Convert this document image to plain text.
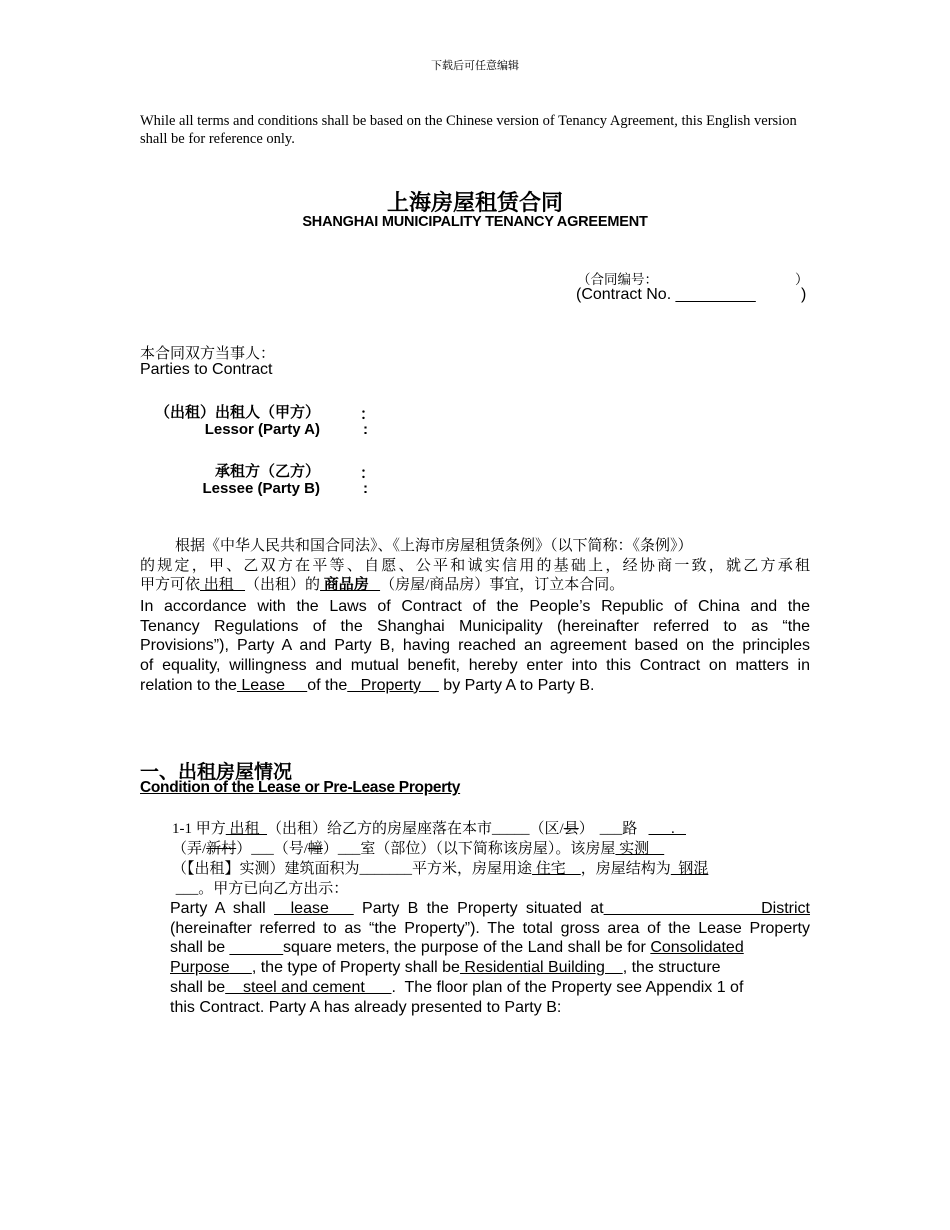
下载后可任意编辑
While all terms and conditions shall be based on the Chinese version of Tenancy Agreement, this English version shall be for reference only.
上海房屋租赁合同
SHANGHAI MUNICIPALITY TENANCY AGREEMENT
（合同编号：	）
(Contract No. _________	)
本合同双方当事人：
Parties to Contract
（出租）出租人（甲方）	：
Lessor (Party A)	:
承租方（乙方）	：
Lessee (Party B)	:
根据《中华人民共和国合同法》、《上海市房屋租赁条例》（以下简称：《条例》）
的规定，甲、乙双方在平等、自愿、公平和诚实信用的基础上，经协商一致，就乙方承租
甲方可依 出租   （出租）的 商品房   （房屋/商品房）事宜，订立本合同。
In accordance with the Laws of Contract of the People’s Republic of China and the
Tenancy Regulations of the Shanghai Municipality (hereinafter referred to as “the
Provisions”), Party A and Party B, having reached an agreement based on the principles
of equality, willingness and mutual benefit, hereby enter into this Contract on matters in
relation to the Lease     of the   Property     by Party A to Party B.
一、出租房屋情况
Condition of the Lease or Pre-Lease Property
1-1 甲方 出租  （出租）给乙方的房屋座落在本市_____（区/县） ___路         .
（弄/新村）___（号/幢）___室（部位）（以下简称该房屋）。该房屋 实测
（【出租】实测）建筑面积为_______平方米，房屋用途 住宅    ，房屋结构为  钢混
___。甲方已向乙方出示：
Party A shall   lease    Party B the Property situated at                   District
(hereinafter referred to as “the Property”). The total gross area of the Lease Property
shall be ______square meters, the purpose of the Land shall be for Consolidated
Purpose , the type of Property shall be Residential Building    , the structure
shall be    steel and cement      .  The floor plan of the Property see Appendix 1 of
this Contract. Party A has already presented to Party B:
